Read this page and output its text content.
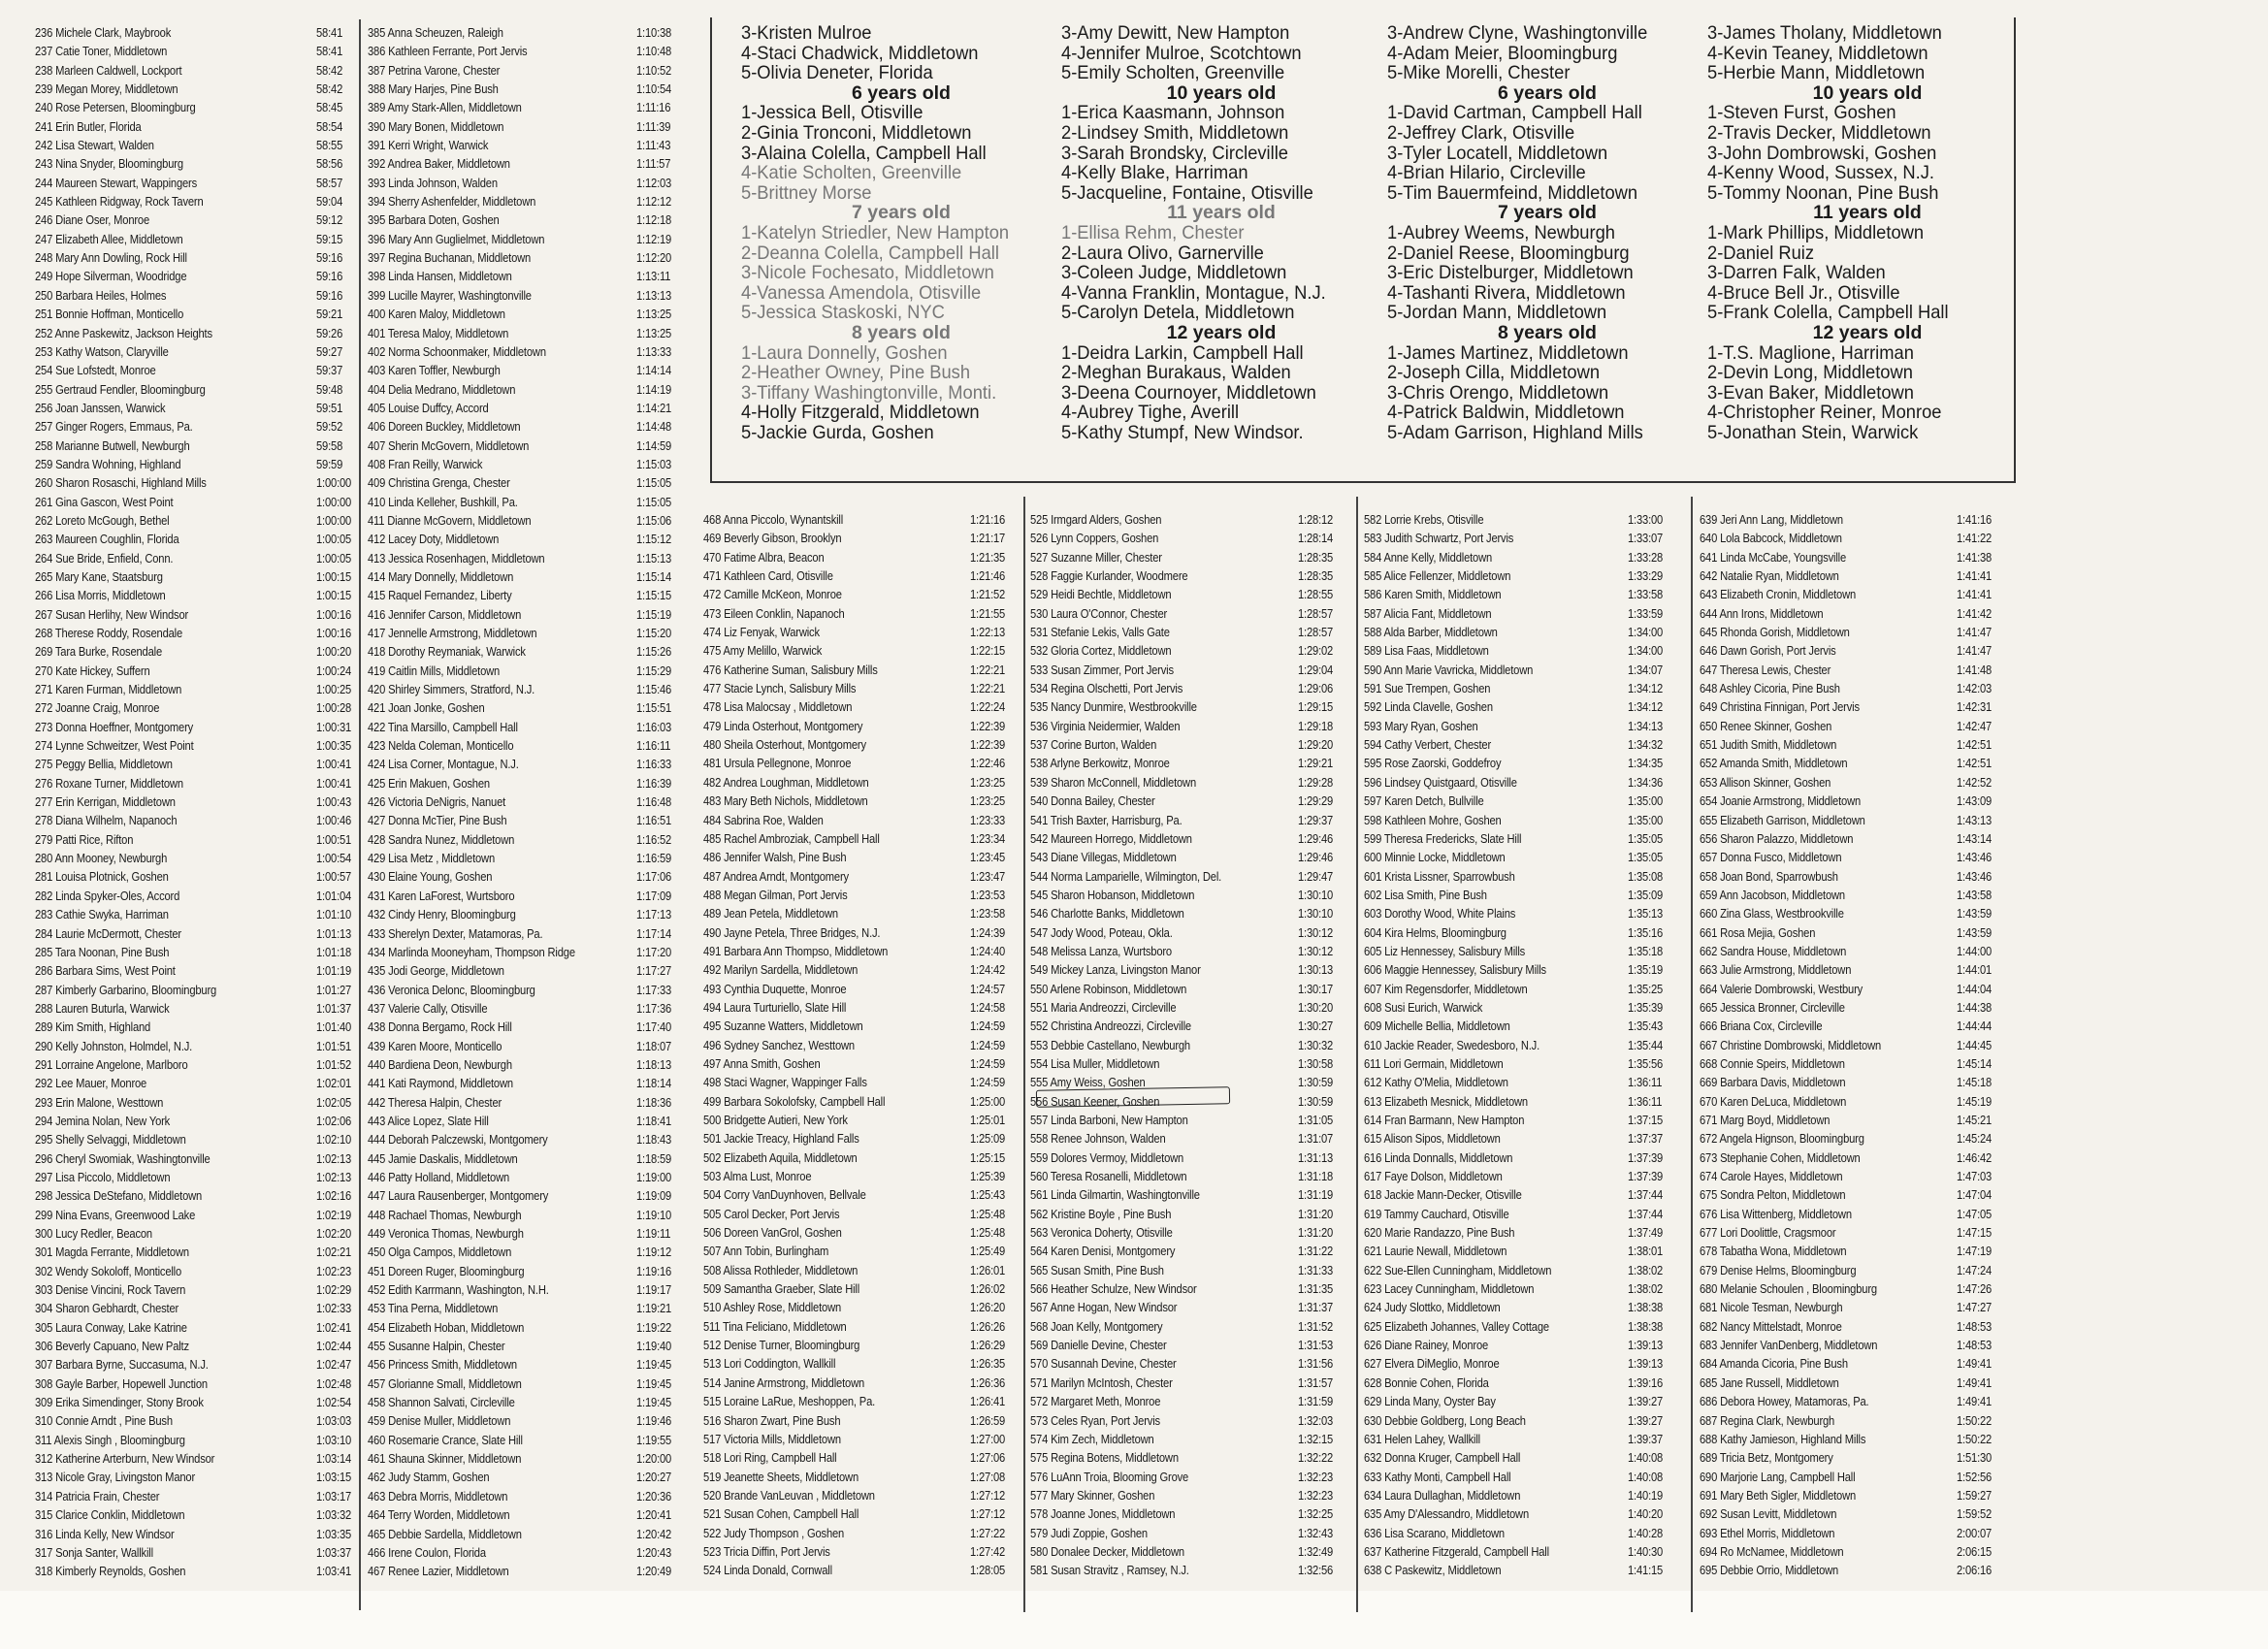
3-Kristen Mulroe
4-Staci Chadwick, Middletown
5-Olivia Deneter, Florida
6 years old
1-Jessica Bell, Otisville
2-Ginia Tronconi, Middletown
3-Alaina Colella, Campbell Hall
4-Katie Scholten, Greenville
5-Brittney Morse
7 years old
1-Katelyn Striedler, New Hampton
2-Deanna Colella, Campbell Hall
3-Nicole Fochesato, Middletown
4-Vanessa Amendola, Otisville
5-Jessica Staskoski, NYC
8 years old
1-Laura Donnelly, Goshen
2-Heather Owney, Pine Bush
3-Tiffany Washingtonville, Monti.
4-Holly Fitzgerald, Middletown
5-Jackie Gurda, Goshen
3-Amy Dewitt, New Hampton
4-Jennifer Mulroe, Scotchtown
5-Emily Scholten, Greenville
10 years old
1-Erica Kaasmann, Johnson
2-Lindsey Smith, Middletown
3-Sarah Brondsky, Circleville
4-Kelly Blake, Harriman
5-Jacqueline, Fontaine, Otisville
11 years old
1-Ellisa Rehm, Chester
2-Laura Olivo, Garnerville
3-Coleen Judge, Middletown
4-Vanna Franklin, Montague, N.J.
5-Carolyn Detela, Middletown
12 years old
1-Deidra Larkin, Campbell Hall
2-Meghan Burakaus, Walden
3-Deena Cournoyer, Middletown
4-Aubrey Tighe, Averill
5-Kathy Stumpf, New Windsor.
3-Andrew Clyne, Washingtonville
4-Adam Meier, Bloomingburg
5-Mike Morelli, Chester
6 years old
1-David Cartman, Campbell Hall
2-Jeffrey Clark, Otisville
3-Tyler Locatell, Middletown
4-Brian Hilario, Circleville
5-Tim Bauermfeind, Middletown
7 years old
1-Aubrey Weems, Newburgh
2-Daniel Reese, Bloomingburg
3-Eric Distelburger, Middletown
4-Tashanti Rivera, Middletown
5-Jordan Mann, Middletown
8 years old
1-James Martinez, Middletown
2-Joseph Cilla, Middletown
3-Chris Orengo, Middletown
4-Patrick Baldwin, Middletown
5-Adam Garrison, Highland Mills
3-James Tholany, Middletown
4-Kevin Teaney, Middletown
5-Herbie Mann, Middletown
10 years old
1-Steven Furst, Goshen
2-Travis Decker, Middletown
3-John Dombrowski, Goshen
4-Kenny Wood, Sussex, N.J.
5-Tommy Noonan, Pine Bush
11 years old
1-Mark Phillips, Middletown
2-Daniel Ruiz
3-Darren Falk, Walden
4-Bruce Bell Jr., Otisville
5-Frank Colella, Campbell Hall
12 years old
1-T.S. Maglione, Harriman
2-Devin Long, Middletown
3-Evan Baker, Middletown
4-Christopher Reiner, Monroe
5-Jonathan Stein, Warwick
236 Michele Clark, Maybrook	58:41
237 Catie Toner, Middletown	58:41
238 Marleen Caldwell, Lockport	58:42
239 Megan Morey, Middletown	58:42
240 Rose Petersen, Bloomingburg	58:45
241 Erin Butler, Florida	58:54
242 Lisa Stewart, Walden	58:55
243 Nina Snyder, Bloomingburg	58:56
244 Maureen Stewart, Wappingers	58:57
245 Kathleen Ridgway, Rock Tavern	59:04
246 Diane Oser, Monroe	59:12
247 Elizabeth Allee, Middletown	59:15
248 Mary Ann Dowling, Rock Hill	59:16
249 Hope Silverman, Woodridge	59:16
250 Barbara Heiles, Holmes	59:16
251 Bonnie Hoffman, Monticello	59:21
252 Anne Paskewitz, Jackson Heights	59:26
253 Kathy Watson, Claryville	59:27
254 Sue Lofstedt, Monroe	59:37
255 Gertraud Fendler, Bloomingburg	59:48
256 Joan Janssen, Warwick	59:51
257 Ginger Rogers, Emmaus, Pa.	59:52
258 Marianne Butwell, Newburgh	59:58
259 Sandra Wohning, Highland	59:59
260 Sharon Rosaschi, Highland Mills	1:00:00
261 Gina Gascon, West Point	1:00:00
262 Loreto McGough, Bethel	1:00:00
263 Maureen Coughlin, Florida	1:00:05
264 Sue Bride, Enfield, Conn.	1:00:05
265 Mary Kane, Staatsburg	1:00:15
266 Lisa Morris, Middletown	1:00:15
267 Susan Herlihy, New Windsor	1:00:16
268 Therese Roddy, Rosendale	1:00:16
269 Tara Burke, Rosendale	1:00:20
270 Kate Hickey, Suffern	1:00:24
271 Karen Furman, Middletown	1:00:25
272 Joanne Craig, Monroe	1:00:28
273 Donna Hoeffner, Montgomery	1:00:31
274 Lynne Schweitzer, West Point	1:00:35
275 Peggy Bellia, Middletown	1:00:41
276 Roxane Turner, Middletown	1:00:41
277 Erin Kerrigan, Middletown	1:00:43
278 Diana Wilhelm, Napanoch	1:00:46
279 Patti Rice, Rifton	1:00:51
280 Ann Mooney, Newburgh	1:00:54
281 Louisa Plotnick, Goshen	1:00:57
282 Linda Spyker-Oles, Accord	1:01:04
283 Cathie Swyka, Harriman	1:01:10
284 Laurie McDermott, Chester	1:01:13
285 Tara Noonan, Pine Bush	1:01:18
286 Barbara Sims, West Point	1:01:19
287 Kimberly Garbarino, Bloomingburg	1:01:27
288 Lauren Buturla, Warwick	1:01:37
289 Kim Smith, Highland	1:01:40
290 Kelly Johnston, Holmdel, N.J.	1:01:51
291 Lorraine Angelone, Marlboro	1:01:52
292 Lee Mauer, Monroe	1:02:01
293 Erin Malone, Westtown	1:02:05
294 Jemina Nolan, New York	1:02:06
295 Shelly Selvaggi, Middletown	1:02:10
296 Cheryl Swomiak, Washingtonville	1:02:13
297 Lisa Piccolo, Middletown	1:02:13
298 Jessica DeStefano, Middletown	1:02:16
299 Nina Evans, Greenwood Lake	1:02:19
300 Lucy Redler, Beacon	1:02:20
301 Magda Ferrante, Middletown	1:02:21
302 Wendy Sokoloff, Monticello	1:02:23
303 Denise Vincini, Rock Tavern	1:02:29
304 Sharon Gebhardt, Chester	1:02:33
305 Laura Conway, Lake Katrine	1:02:41
306 Beverly Capuano, New Paltz	1:02:44
307 Barbara Byrne, Succasuma, N.J.	1:02:47
308 Gayle Barber, Hopewell Junction	1:02:48
309 Erika Simendinger, Stony Brook	1:02:54
310 Connie Arndt , Pine Bush	1:03:03
311 Alexis Singh , Bloomingburg	1:03:10
312 Katherine Arterburn, New Windsor	1:03:14
313 Nicole Gray, Livingston Manor	1:03:15
314 Patricia Frain, Chester	1:03:17
315 Clarice Conklin, Middletown	1:03:32
316 Linda Kelly, New Windsor	1:03:35
317 Sonja Santer, Wallkill	1:03:37
318 Kimberly Reynolds, Goshen	1:03:41
385 Anna Scheuzen, Raleigh	1:10:38
386 Kathleen Ferrante, Port Jervis	1:10:48
387 Petrina Varone, Chester	1:10:52
388 Mary Harjes, Pine Bush	1:10:54
389 Amy Stark-Allen, Middletown	1:11:16
390 Mary Bonen, Middletown	1:11:39
391 Kerri Wright, Warwick	1:11:43
392 Andrea Baker, Middletown	1:11:57
393 Linda Johnson, Walden	1:12:03
394 Sherry Ashenfelder, Middletown	1:12:12
395 Barbara Doten, Goshen	1:12:18
396 Mary Ann Guglielmet, Middletown	1:12:19
397 Regina Buchanan, Middletown	1:12:20
398 Linda Hansen, Middletown	1:13:11
399 Lucille Mayrer, Washingtonville	1:13:13
400 Karen Maloy, Middletown	1:13:25
401 Teresa Maloy, Middletown	1:13:25
402 Norma Schoonmaker, Middletown	1:13:33
403 Karen Toffler, Newburgh	1:14:14
404 Delia Medrano, Middletown	1:14:19
405 Louise Duffcy, Accord	1:14:21
406 Doreen Buckley, Middletown	1:14:48
407 Sherin McGovern, Middletown	1:14:59
408 Fran Reilly, Warwick	1:15:03
409 Christina Grenga, Chester	1:15:05
410 Linda Kelleher, Bushkill, Pa.	1:15:05
411 Dianne McGovern, Middletown	1:15:06
412 Lacey Doty, Middletown	1:15:12
413 Jessica Rosenhagen, Middletown	1:15:13
414 Mary Donnelly, Middletown	1:15:14
415 Raquel Fernandez, Liberty	1:15:15
416 Jennifer Carson, Middletown	1:15:19
417 Jennelle Armstrong, Middletown	1:15:20
418 Dorothy Reymaniak, Warwick	1:15:26
419 Caitlin Mills, Middletown	1:15:29
420 Shirley Simmers, Stratford, N.J.	1:15:46
421 Joan Jonke, Goshen	1:15:51
422 Tina Marsillo, Campbell Hall	1:16:03
423 Nelda Coleman, Monticello	1:16:11
424 Lisa Corner, Montague, N.J.	1:16:33
425 Erin Makuen, Goshen	1:16:39
426 Victoria DeNigris, Nanuet	1:16:48
427 Donna McTier, Pine Bush	1:16:51
428 Sandra Nunez, Middletown	1:16:52
429 Lisa Metz , Middletown	1:16:59
430 Elaine Young, Goshen	1:17:06
431 Karen LaForest, Wurtsboro	1:17:09
432 Cindy Henry, Bloomingburg	1:17:13
433 Sherelyn Dexter, Matamoras, Pa.	1:17:14
434 Marlinda Mooneyham, Thompson Ridge	1:17:20
435 Jodi George, Middletown	1:17:27
436 Veronica Delonc, Bloomingburg	1:17:33
437 Valerie Cally, Otisville	1:17:36
438 Donna Bergamo, Rock Hill	1:17:40
439 Karen Moore, Monticello	1:18:07
440 Bardiena Deon, Newburgh	1:18:13
441 Kati Raymond, Middletown	1:18:14
442 Theresa Halpin, Chester	1:18:36
443 Alice Lopez, Slate Hill	1:18:41
444 Deborah Palczewski, Montgomery	1:18:43
445 Jamie Daskalis, Middletown	1:18:59
446 Patty Holland, Middletown	1:19:00
447 Laura Rausenberger, Montgomery	1:19:09
448 Rachael Thomas, Newburgh	1:19:10
449 Veronica Thomas, Newburgh	1:19:11
450 Olga Campos, Middletown	1:19:12
451 Doreen Ruger, Bloomingburg	1:19:16
452 Edith Karrmann, Washington, N.H.	1:19:17
453 Tina Perna, Middletown	1:19:21
454 Elizabeth Hoban, Middletown	1:19:22
455 Susanne Halpin, Chester	1:19:40
456 Princess Smith, Middletown	1:19:45
457 Glorianne Small, Middletown	1:19:45
458 Shannon Salvati, Circleville	1:19:45
459 Denise Muller, Middletown	1:19:46
460 Rosemarie Crance, Slate Hill	1:19:55
461 Shauna Skinner, Middletown	1:20:00
462 Judy Stamm, Goshen	1:20:27
463 Debra Morris, Middletown	1:20:36
464 Terry Worden, Middletown	1:20:41
465 Debbie Sardella, Middletown	1:20:42
466 Irene Coulon, Florida	1:20:43
467 Renee Lazier, Middletown	1:20:49
468 Anna Piccolo, Wynantskill	1:21:16
469 Beverly Gibson, Brooklyn	1:21:17
470 Fatime Albra, Beacon	1:21:35
471 Kathleen Card, Otisville	1:21:46
472 Camille McKeon, Monroe	1:21:52
473 Eileen Conklin, Napanoch	1:21:55
474 Liz Fenyak, Warwick	1:22:13
475 Amy Melillo, Warwick	1:22:15
476 Katherine Suman, Salisbury Mills	1:22:21
477 Stacie Lynch, Salisbury Mills	1:22:21
478 Lisa Malocsay , Middletown	1:22:24
479 Linda Osterhout, Montgomery	1:22:39
480 Sheila Osterhout, Montgomery	1:22:39
481 Ursula Pellegnone, Monroe	1:22:46
482 Andrea Loughman, Middletown	1:23:25
483 Mary Beth Nichols, Middletown	1:23:25
484 Sabrina Roe, Walden	1:23:33
485 Rachel Ambroziak, Campbell Hall	1:23:34
486 Jennifer Walsh, Pine Bush	1:23:45
487 Andrea Arndt, Montgomery	1:23:47
488 Megan Gilman, Port Jervis	1:23:53
489 Jean Petela, Middletown	1:23:58
490 Jayne Petela, Three Bridges, N.J.	1:24:39
491 Barbara Ann Thompso, Middletown	1:24:40
492 Marilyn Sardella, Middletown	1:24:42
493 Cynthia Duquette, Monroe	1:24:57
494 Laura Turturiello, Slate Hill	1:24:58
495 Suzanne Watters, Middletown	1:24:59
496 Sydney Sanchez, Westtown	1:24:59
497 Anna Smith, Goshen	1:24:59
498 Staci Wagner, Wappinger Falls	1:24:59
499 Barbara Sokolofsky, Campbell Hall	1:25:00
500 Bridgette Autieri, New York	1:25:01
501 Jackie Treacy, Highland Falls	1:25:09
502 Elizabeth Aquila, Middletown	1:25:15
503 Alma Lust, Monroe	1:25:39
504 Corry VanDuynhoven, Bellvale	1:25:43
505 Carol Decker, Port Jervis	1:25:48
506 Doreen VanGrol, Goshen	1:25:48
507 Ann Tobin, Burlingham	1:25:49
508 Alissa Rothleder, Middletown	1:26:01
509 Samantha Graeber, Slate Hill	1:26:02
510 Ashley Rose, Middletown	1:26:20
511 Tina Feliciano, Middletown	1:26:26
512 Denise Turner, Bloomingburg	1:26:29
513 Lori Coddington, Wallkill	1:26:35
514 Janine Armstrong, Middletown	1:26:36
515 Loraine LaRue, Meshoppen, Pa.	1:26:41
516 Sharon Zwart, Pine Bush	1:26:59
517 Victoria Mills, Middletown	1:27:00
518 Lori Ring, Campbell Hall	1:27:06
519 Jeanette Sheets, Middletown	1:27:08
520 Brande VanLeuvan , Middletown	1:27:12
521 Susan Cohen, Campbell Hall	1:27:12
522 Judy Thompson , Goshen	1:27:22
523 Tricia Diffin, Port Jervis	1:27:42
524 Linda Donald, Cornwall	1:28:05
525 Irmgard Alders, Goshen	1:28:12
526 Lynn Coppers, Goshen	1:28:14
527 Suzanne Miller, Chester	1:28:35
528 Faggie Kurlander, Woodmere	1:28:35
529 Heidi Bechtle, Middletown	1:28:55
530 Laura O'Connor, Chester	1:28:57
531 Stefanie Lekis, Valls Gate	1:28:57
532 Gloria Cortez, Middletown	1:29:02
533 Susan Zimmer, Port Jervis	1:29:04
534 Regina Olschetti, Port Jervis	1:29:06
535 Nancy Dunmire, Westbrookville	1:29:15
536 Virginia Neidermier, Walden	1:29:18
537 Corine Burton, Walden	1:29:20
538 Arlyne Berkowitz, Monroe	1:29:21
539 Sharon McConnell, Middletown	1:29:28
540 Donna Bailey, Chester	1:29:29
541 Trish Baxter, Harrisburg, Pa.	1:29:37
542 Maureen Horrego, Middletown	1:29:46
543 Diane Villegas, Middletown	1:29:46
544 Norma Lamparielle, Wilmington, Del.	1:29:47
545 Sharon Hobanson, Middletown	1:30:10
546 Charlotte Banks, Middletown	1:30:10
547 Jody Wood, Poteau, Okla.	1:30:12
548 Melissa Lanza, Wurtsboro	1:30:12
549 Mickey Lanza, Livingston Manor	1:30:13
550 Arlene Robinson, Middletown	1:30:17
551 Maria Andreozzi, Circleville	1:30:20
552 Christina Andreozzi, Circleville	1:30:27
553 Debbie Castellano, Newburgh	1:30:32
554 Lisa Muller, Middletown	1:30:58
555 Amy Weiss, Goshen	1:30:59
556 Susan Keener, Goshen	1:30:59
557 Linda Barboni, New Hampton	1:31:05
558 Renee Johnson, Walden	1:31:07
559 Dolores Vermoy, Middletown	1:31:13
560 Teresa Rosanelli, Middletown	1:31:18
561 Linda Gilmartin, Washingtonville	1:31:19
562 Kristine Boyle , Pine Bush	1:31:20
563 Veronica Doherty, Otisville	1:31:20
564 Karen Denisi, Montgomery	1:31:22
565 Susan Smith, Pine Bush	1:31:33
566 Heather Schulze, New Windsor	1:31:35
567 Anne Hogan, New Windsor	1:31:37
568 Joan Kelly, Montgomery	1:31:52
569 Danielle Devine, Chester	1:31:53
570 Susannah Devine, Chester	1:31:56
571 Marilyn McIntosh, Chester	1:31:57
572 Margaret Meth, Monroe	1:31:59
573 Celes Ryan, Port Jervis	1:32:03
574 Kim Zech, Middletown	1:32:15
575 Regina Botens, Middletown	1:32:22
576 LuAnn Troia, Blooming Grove	1:32:23
577 Mary Skinner, Goshen	1:32:23
578 Joanne Jones, Middletown	1:32:25
579 Judi Zoppie, Goshen	1:32:43
580 Donalee Decker, Middletown	1:32:49
581 Susan Stravitz , Ramsey, N.J.	1:32:56
582 Lorrie Krebs, Otisville	1:33:00
583 Judith Schwartz, Port Jervis	1:33:07
584 Anne Kelly, Middletown	1:33:28
585 Alice Fellenzer, Middletown	1:33:29
586 Karen Smith, Middletown	1:33:58
587 Alicia Fant, Middletown	1:33:59
588 Alda Barber, Middletown	1:34:00
589 Lisa Faas, Middletown	1:34:00
590 Ann Marie Vavricka, Middletown	1:34:07
591 Sue Trempen, Goshen	1:34:12
592 Linda Clavelle, Goshen	1:34:12
593 Mary Ryan, Goshen	1:34:13
594 Cathy Verbert, Chester	1:34:32
595 Rose Zaorski, Goddefroy	1:34:35
596 Lindsey Quistgaard, Otisville	1:34:36
597 Karen Detch, Bullville	1:35:00
598 Kathleen Mohre, Goshen	1:35:00
599 Theresa Fredericks, Slate Hill	1:35:05
600 Minnie Locke, Middletown	1:35:05
601 Krista Lissner, Sparrowbush	1:35:08
602 Lisa Smith, Pine Bush	1:35:09
603 Dorothy Wood, White Plains	1:35:13
604 Kira Helms, Bloomingburg	1:35:16
605 Liz Hennessey, Salisbury Mills	1:35:18
606 Maggie Hennessey, Salisbury Mills	1:35:19
607 Kim Regensdorfer, Middletown	1:35:25
608 Susi Eurich, Warwick	1:35:39
609 Michelle Bellia, Middletown	1:35:43
610 Jackie Reader, Swedesboro, N.J.	1:35:44
611 Lori Germain, Middletown	1:35:56
612 Kathy O'Melia, Middletown	1:36:11
613 Elizabeth Mesnick, Middletown	1:36:11
614 Fran Barmann, New Hampton	1:37:15
615 Alison Sipos, Middletown	1:37:37
616 Linda Donnalls, Middletown	1:37:39
617 Faye Dolson, Middletown	1:37:39
618 Jackie Mann-Decker, Otisville	1:37:44
619 Tammy Cauchard, Otisville	1:37:44
620 Marie Randazzo, Pine Bush	1:37:49
621 Laurie Newall, Middletown	1:38:01
622 Sue-Ellen Cunningham, Middletown	1:38:02
623 Lacey Cunningham, Middletown	1:38:02
624 Judy Slottko, Middletown	1:38:38
625 Elizabeth Johannes, Valley Cottage	1:38:38
626 Diane Rainey, Monroe	1:39:13
627 Elvera DiMeglio, Monroe	1:39:13
628 Bonnie Cohen, Florida	1:39:16
629 Linda Many, Oyster Bay	1:39:27
630 Debbie Goldberg, Long Beach	1:39:27
631 Helen Lahey, Wallkill	1:39:37
632 Donna Kruger, Campbell Hall	1:40:08
633 Kathy Monti, Campbell Hall	1:40:08
634 Laura Dullaghan, Middletown	1:40:19
635 Amy D'Alessandro, Middletown	1:40:20
636 Lisa Scarano, Middletown	1:40:28
637 Katherine Fitzgerald, Campbell Hall	1:40:30
638 C Paskewitz, Middletown	1:41:15
639 Jeri Ann Lang, Middletown	1:41:16
640 Lola Babcock, Middletown	1:41:22
641 Linda McCabe, Youngsville	1:41:38
642 Natalie Ryan, Middletown	1:41:41
643 Elizabeth Cronin, Middletown	1:41:41
644 Ann Irons, Middletown	1:41:42
645 Rhonda Gorish, Middletown	1:41:47
646 Dawn Gorish, Port Jervis	1:41:47
647 Theresa Lewis, Chester	1:41:48
648 Ashley Cicoria, Pine Bush	1:42:03
649 Christina Finnigan, Port Jervis	1:42:31
650 Renee Skinner, Goshen	1:42:47
651 Judith Smith, Middletown	1:42:51
652 Amanda Smith, Middletown	1:42:51
653 Allison Skinner, Goshen	1:42:52
654 Joanie Armstrong, Middletown	1:43:09
655 Elizabeth Garrison, Middletown	1:43:13
656 Sharon Palazzo, Middletown	1:43:14
657 Donna Fusco, Middletown	1:43:46
658 Joan Bond, Sparrowbush	1:43:46
659 Ann Jacobson, Middletown	1:43:58
660 Zina Glass, Westbrookville	1:43:59
661 Rosa Mejia, Goshen	1:43:59
662 Sandra House, Middletown	1:44:00
663 Julie Armstrong, Middletown	1:44:01
664 Valerie Dombrowski, Westbury	1:44:04
665 Jessica Bronner, Circleville	1:44:38
666 Briana Cox, Circleville	1:44:44
667 Christine Dombrowski, Middletown	1:44:45
668 Connie Speirs, Middletown	1:45:14
669 Barbara Davis, Middletown	1:45:18
670 Karen DeLuca, Middletown	1:45:19
671 Marg Boyd, Middletown	1:45:21
672 Angela Hignson, Bloomingburg	1:45:24
673 Stephanie Cohen, Middletown	1:46:42
674 Carole Hayes, Middletown	1:47:03
675 Sondra Pelton, Middletown	1:47:04
676 Lisa Wittenberg, Middletown	1:47:05
677 Lori Doolittle, Cragsmoor	1:47:15
678 Tabatha Wona, Middletown	1:47:19
679 Denise Helms, Bloomingburg	1:47:24
680 Melanie Schoulen , Bloomingburg	1:47:26
681 Nicole Tesman, Newburgh	1:47:27
682 Nancy Mittelstadt, Monroe	1:48:53
683 Jennifer VanDenberg, Middletown	1:48:53
684 Amanda Cicoria, Pine Bush	1:49:41
685 Jane Russell, Middletown	1:49:41
686 Debora Howey, Matamoras, Pa.	1:49:41
687 Regina Clark, Newburgh	1:50:22
688 Kathy Jamieson, Highland Mills	1:50:22
689 Tricia Betz, Montgomery	1:51:30
690 Marjorie Lang, Campbell Hall	1:52:56
691 Mary Beth Sigler, Middletown	1:59:27
692 Susan Levitt, Middletown	1:59:52
693 Ethel Morris, Middletown	2:00:07
694 Ro McNamee, Middletown	2:06:15
695 Debbie Orrio, Middletown	2:06:16
